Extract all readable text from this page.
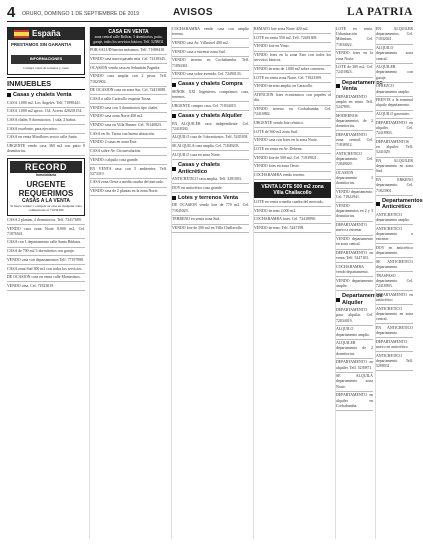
4 ORURO, DOMINGO 1 DE SEPTIEMBRE DE 2019	AVISOS	LA PATRIA
España
PRESTAMOS SIN GARANTIA
INFORMACIONES
Compra venta de terrenos y casas
INMUEBLES
Casas y chalets Venta
CASA 1.000 m2. Los Ángeles. Telf. 71890441.
CASA 1.000 m2 aprox. 134. Aceras 420201154.
CASA chalet, 8 dormitorios, 1 sala, 2 baños.
CASA excelente, para ejecutivo.
CASA en venta Miraflores sector calle Junín.
URGENTE vendo casa 360 m2 con patio 8 dormitorios.
RECORD
Inmobiliaria
URGENTE REQUERIMOS
CASAS A LA VENTA
Si busca vender o comprar su casa en cualquier zona comunicarse al 71634390
CASA 2 plantas, 4 dormitorios. Telf. 72417689.
VENDO casa zona Norte 8.000 m2. Cel. 71876541.
CASA con 1 departamento calle Santa Bárbara.
CASA de 700 m2 5 dormitorios con garaje.
VENDO casa con departamentos Telf. 77197890.
CASA zona Sud 300 m2 con todos los servicios.
DE OCASION casa en venta calle Montecinos.
VENDO casa. Cel. 71823019.
CASA EN VENTA
zona central calle Bolívar, 3 dormitorios, patio, garaje, todos los servicios básicos. Telf. 5258031
POR SALUD barrios máximos. Telf. 71698410.
VENDO casa nueva pasado mía. Cel. 72318345.
OCASION vendo casa en Sebastián Pagador.
VENDO casa amplia con 2 pisos. Telf. 71823902.
DE OCASION casa en zona Sur. Cel. 72413088.
CASA a calle Caracollo esquina Tacna.
VENDO casa con 3 dormitorios tipo chalet.
VENDO casa zona Norte 400 m2.
VENDO casa en Villa Banzer. Cel. 76140823.
CASA en Av. Tacna con buena ubicación.
VENDO 2 casas en zona Este.
CASA sobre Av. Circunvalación.
VENDO o alquilo casa grande.
EN VENTA casa con 5 ambientes. Telf. 5273319.
CASA zona Oeste a media cuadra del mercado.
VENDO casa de 2 plantas en la zona Norte.
COCHABAMBA vendo casa con amplio terreno.
VENDO casa Av. Villarroel 400 m2.
VENDO casa a estrenar zona Sud.
VENDO terreno en Cochabamba. Telf. 71894361.
VENDO casa sobre avenida. Cel. 72490133.
Casas y chalets Compra
SEÑOR XXI Ingenieros compramos casa, terrenos.
URGENTE compro casa. Cel. 71834019.
Casas y chalets Alquiler
EN ALQUILER casa independiente. Cel. 72418330.
ALQUILO casa de 3 dormitorios. Telf. 5245108.
SE ALQUILA casa amplia. Cel. 71849203.
ALQUILO casa en zona Norte.
Casas y chalets Anticrético
ANTICRETICO casa amplia. Telf. 5281003.
DOY en anticrético casa grande.
Lotes y terrenos Venta
DE OCASION vendo lote de 770 m2. Cel. 71845029.
TERRENO en venta zona Sud.
VENDO lote de 300 m2 en Villa Challacollo.
REMATO lote zona Norte 420 m2.
LOTE en venta 550 m2. Telf. 72481308.
VENDO lote en Vinto.
VENDO lotes en la zona Este con todos los servicios básicos.
VENDO terreno de 1.000 m2 sobre carretera.
LOTE en venta zona Norte. Cel. 71823309.
VENDO terreno amplio en Caracollo.
ATENCION lotes económicos con papeles al día.
VENDO terreno en Cochabamba. Cel. 72410882.
URGENTE vendo lote céntrico.
LOTE de 360 m2 zona Sud.
VENDO casa con lotes en la zona Norte.
LOTE en venta en Av. Dehene.
VENDO lote de 500 m2. Cel. 71839021.
VENDO lotes en zona Oeste.
COCHABAMBA vendo terreno.
VENTA LOTE 500 m2 zona Villa Challacollo
LOTE en venta a media cuadra del mercado.
VENDO terreno 2.000 m2.
COCHABAMBA lotes. Cel. 72418890.
VENDO terreno. Telf. 5247198.
LOTE en venta. Urbanización Milenium. Cel. 71834022.
VENDO lotes en la zona Norte.
LOTE de 300 m2. Cel. 72410823.
Departamentos Venta
DEPARTAMENTO amplio en venta. Telf. 5247893.
MODERNOS departamentos de 2 dormitorios.
DEPARTAMENTO zona central. Cel. 71838912.
ANTICRETICO departamento. Cel. 72849029.
OCASION departamento 3 dormitorios.
VENDO departamento. Cel. 71822941.
VENDO departamentos en 2 y 3 dormitorios.
DEPARTAMENTO nuevo a estrenar.
VENDO departamento en zona central.
DEPARTAMENTO en venta. Telf. 5247103.
COCHABAMBA vendo departamento.
VENDO departamento amplio.
Departamentos Alquiler
DEPARTAMENTO para alquilar. Cel. 72834019.
ALQUILO departamento amplio.
ALQUILER departamento de 2 dormitorios.
DEPARTAMENTO en alquiler. Telf. 5239871.
SE ALQUILA departamento zona Norte.
DEPARTAMENTO en alquiler en Cochabamba.
EN ALQUILER departamentos. Cel. 71832041.
ALQUILO departamento zona central.
ALQUILER departamento con garaje.
OFREZCO departamento amplio.
FRENTE a la terminal alquilo departamento.
ALQUILO garzonier.
DEPARTAMENTO en alquiler. Cel. 72418903.
DEPARTAMENTOS en alquiler. Telf. 5241029.
EN ALQUILER departamento en zona Sud.
EN ERKENO departamento. Cel. 71823901.
Departamentos Anticrético
ANTICRETICO departamento amplio.
ANTICRETICO departamento a estrenar.
DOY en anticrético departamento.
SE ANTICRETICO departamento.
TRASPASO departamento. Cel. 72418093.
DEPARTAMENTO en anticrético.
ANTICRETICO departamento en zona central.
EN ANTICRETICO departamento.
DEPARTAMENTO nuevo en anticrético.
ANTICRETICO departamento. Telf. 5298031.
